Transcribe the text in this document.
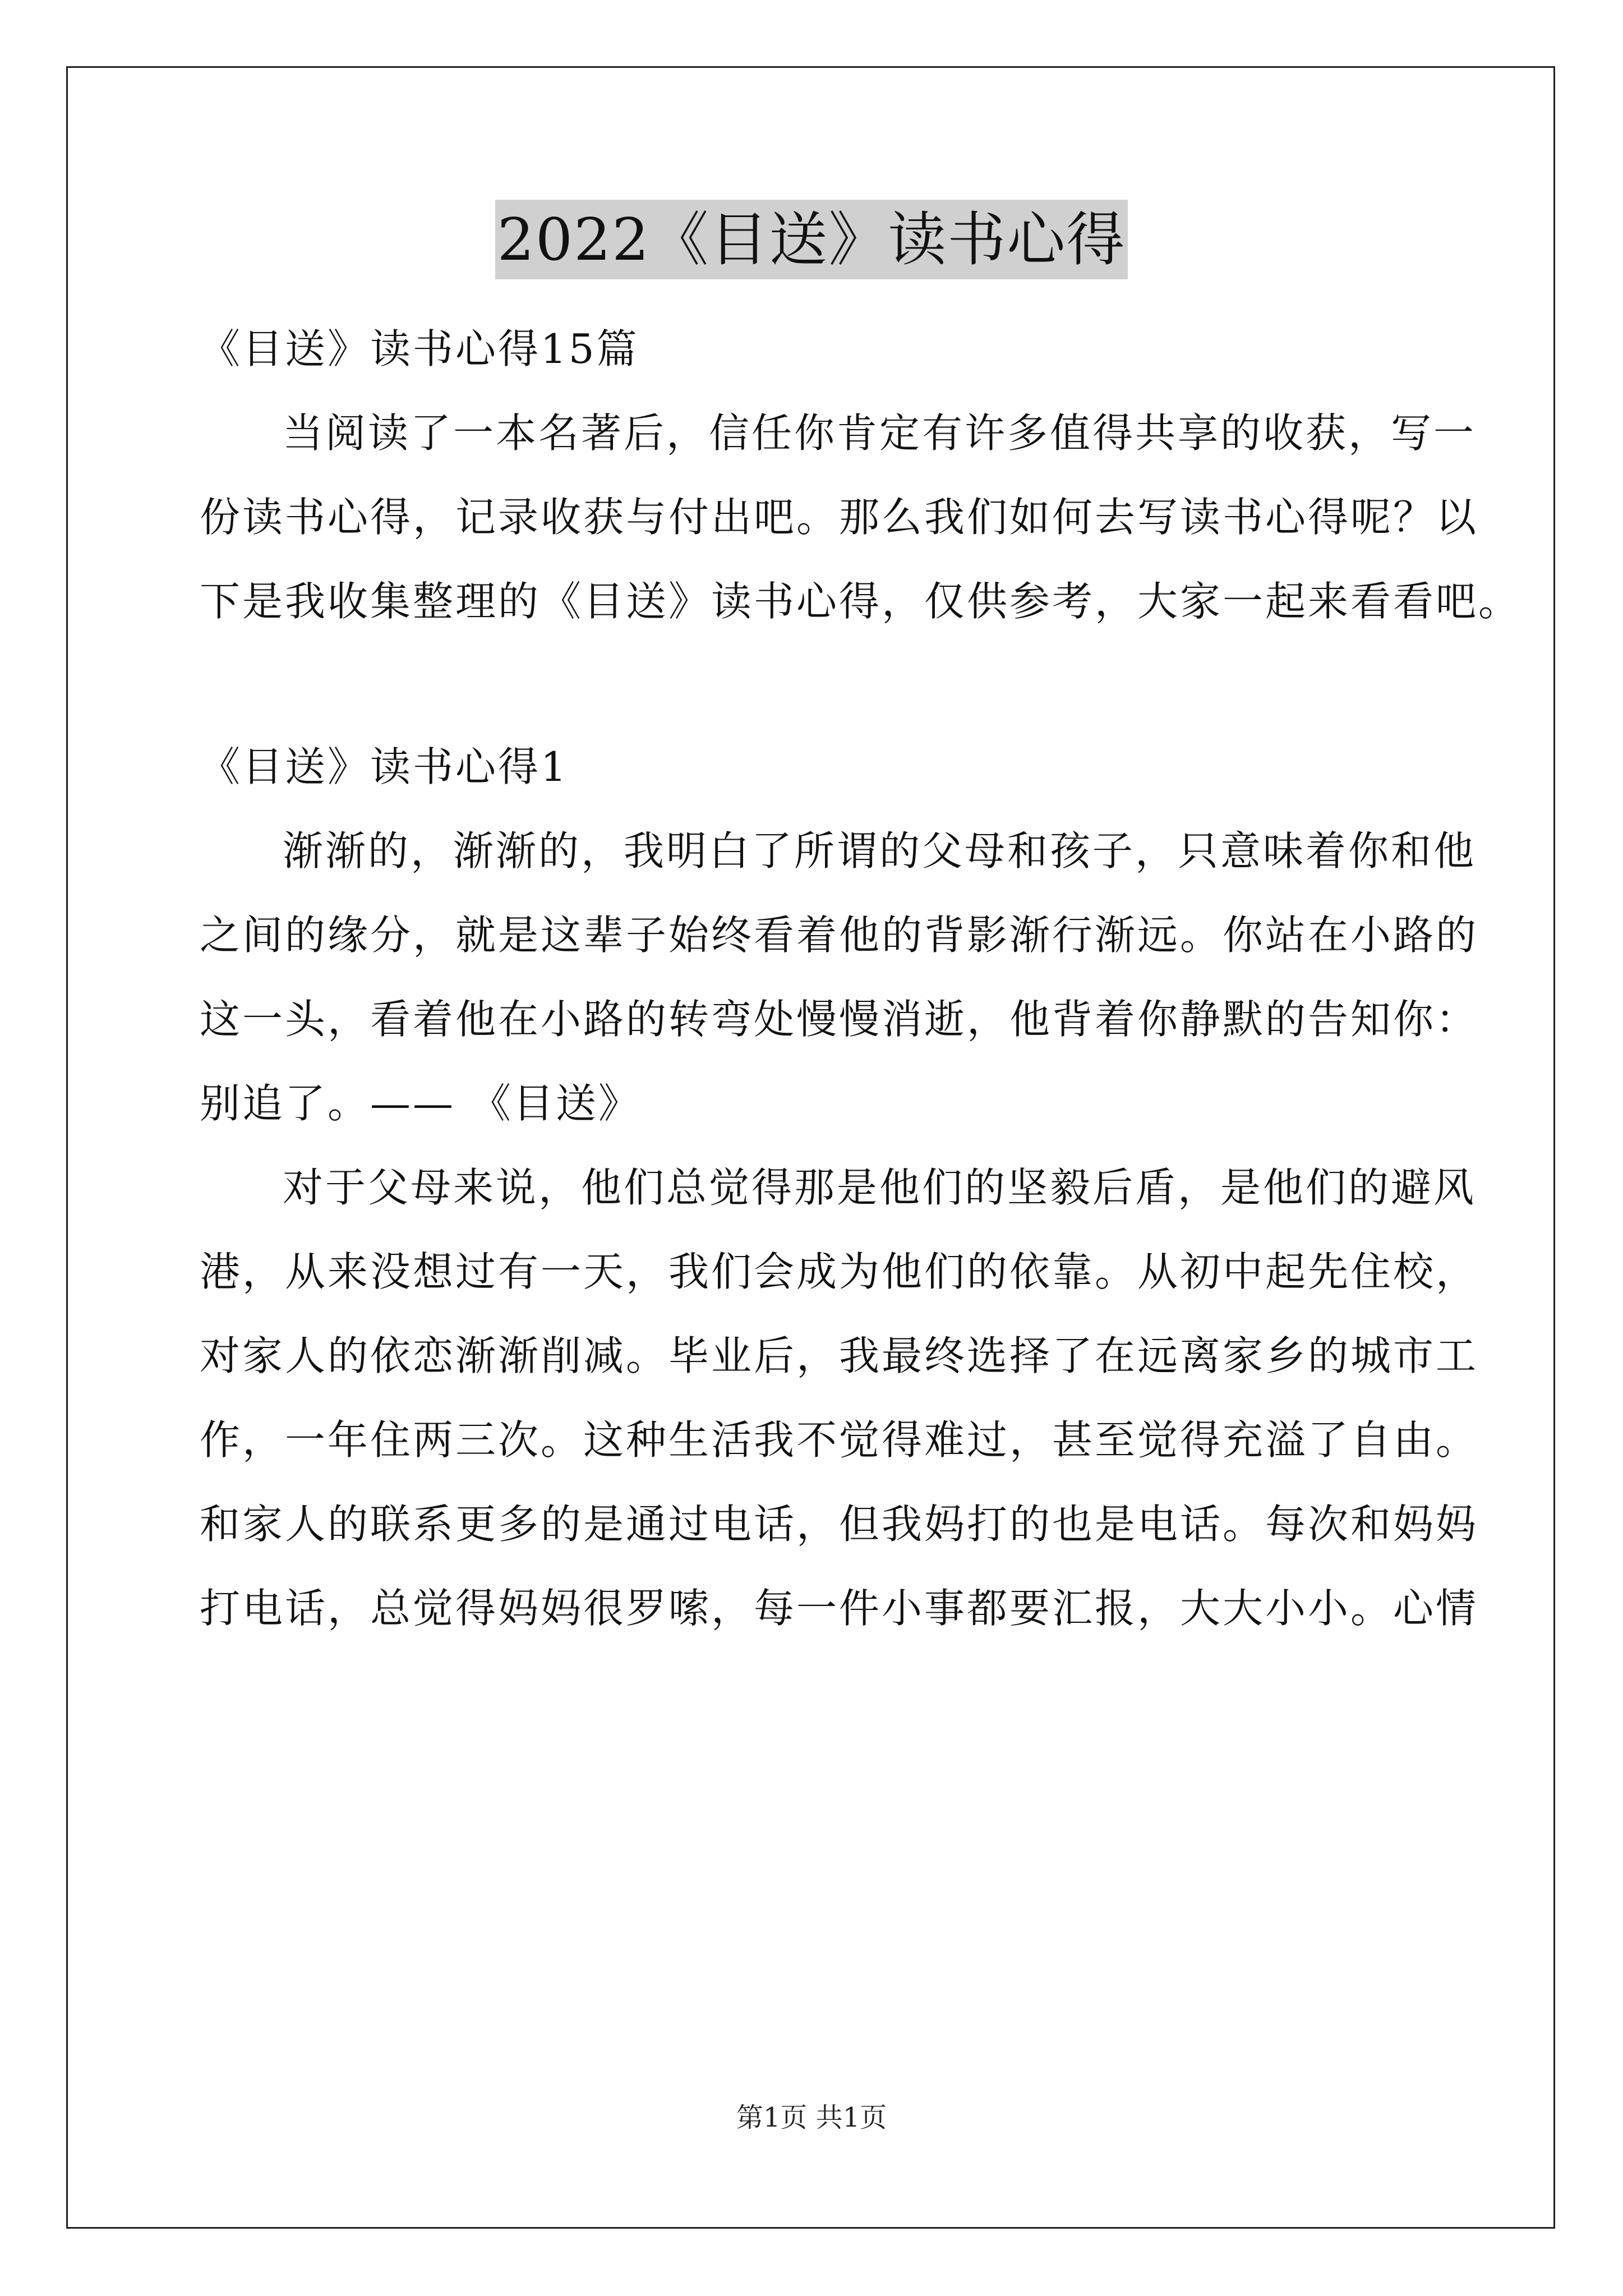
2022《目送》读书心得
《目送》读书心得15篇
当阅读了一本名著后，信任你肯定有许多值得共享的收获，写一
份读书心得，记录收获与付出吧。那么我们如何去写读书心得呢？以
下是我收集整理的《目送》读书心得，仅供参考，大家一起来看看吧。
《目送》读书心得1
渐渐的，渐渐的，我明白了所谓的父母和孩子，只意味着你和他
之间的缘分，就是这辈子始终看着他的背影渐行渐远。你站在小路的
这一头，看着他在小路的转弯处慢慢消逝，他背着你静默的告知你：
别追了。—— 《目送》
对于父母来说，他们总觉得那是他们的坚毅后盾，是他们的避风
港，从来没想过有一天，我们会成为他们的依靠。从初中起先住校，
对家人的依恋渐渐削减。毕业后，我最终选择了在远离家乡的城市工
作，一年住两三次。这种生活我不觉得难过，甚至觉得充溢了自由。
和家人的联系更多的是通过电话，但我妈打的也是电话。每次和妈妈
打电话，总觉得妈妈很罗嗦，每一件小事都要汇报，大大小小。心情
第1页 共1页
